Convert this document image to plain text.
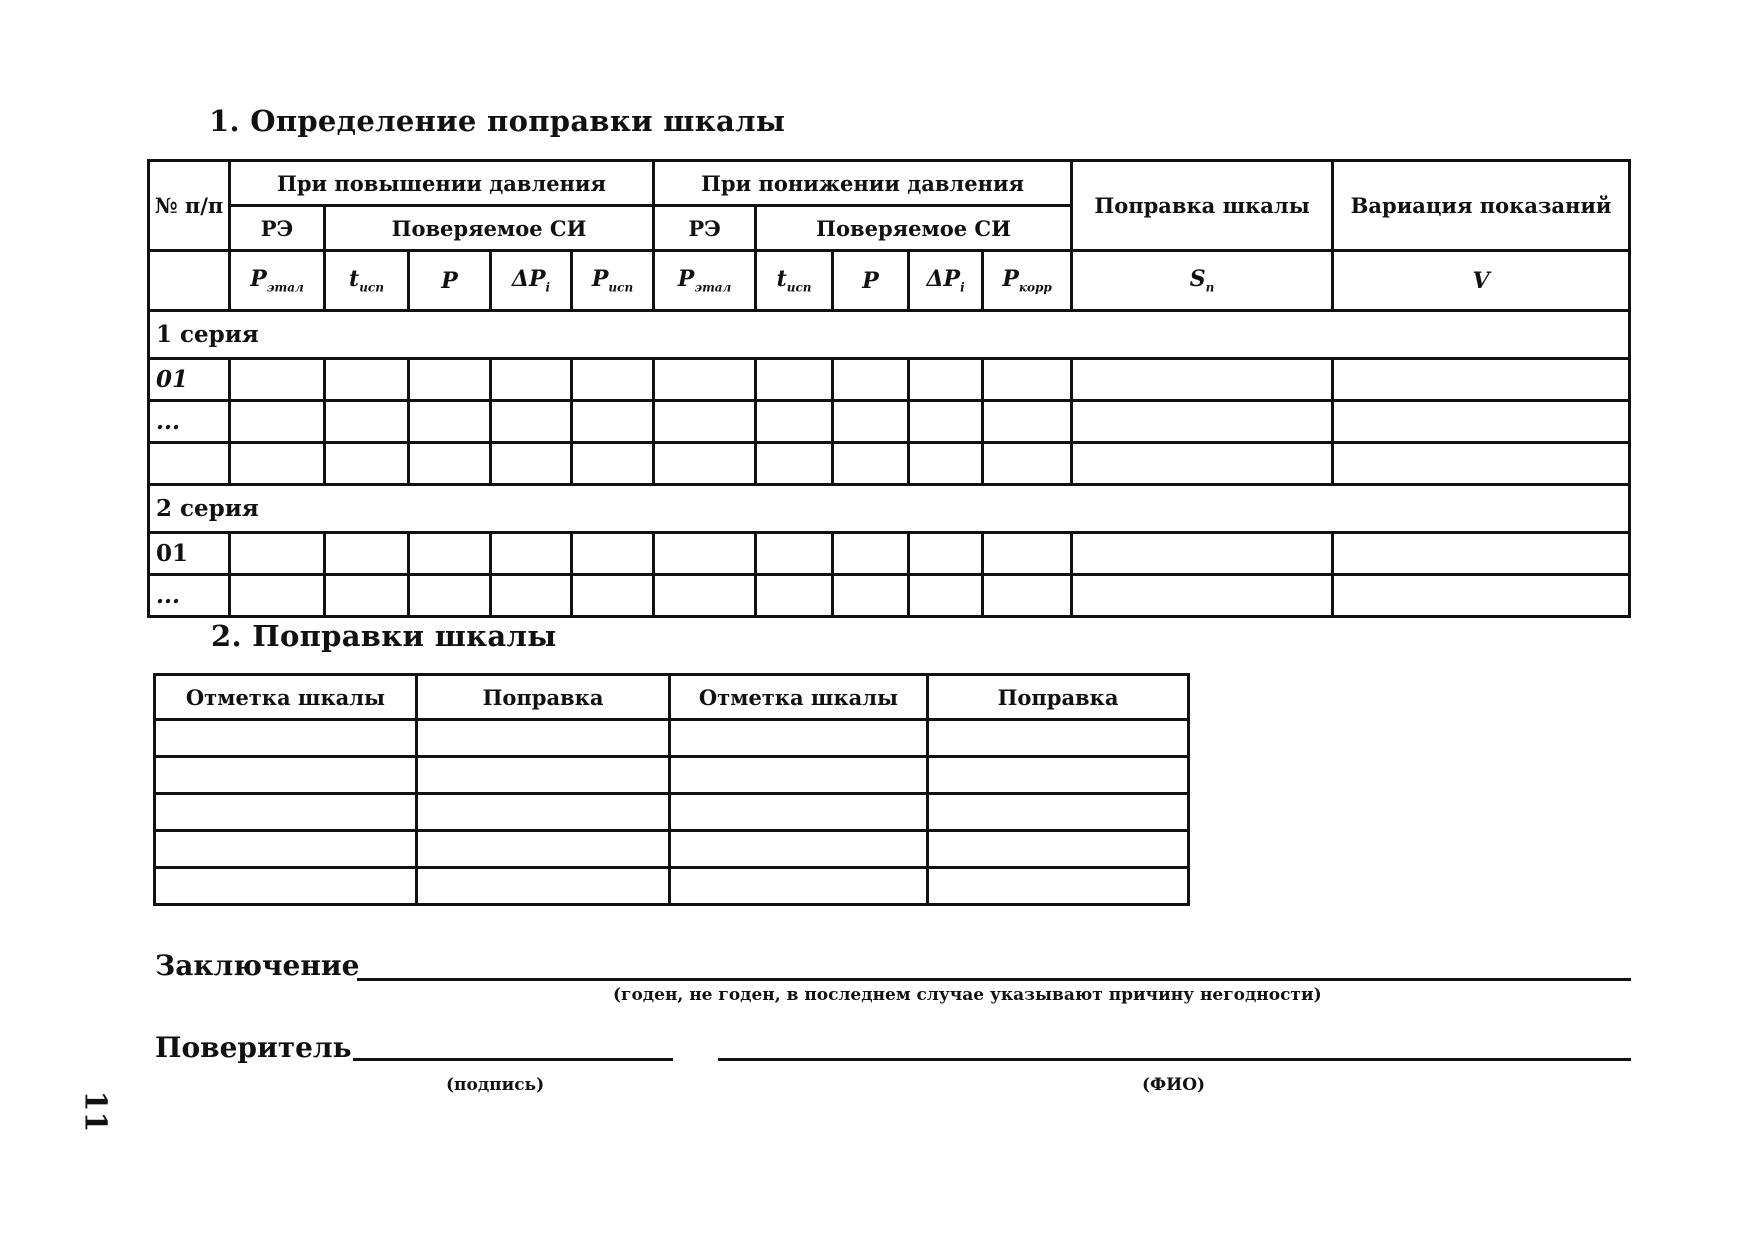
1. Определение поправки шкалы
№ п/п	При повышении давления					При понижении давления					Поправка шкалы	Вариация показаний
	РЭ	Поверяемое СИ				РЭ	Поверяемое СИ					
	$P_{этал}$	$t_{исп}$	P	$\Delta P_i$	$P_{исп}$	$P_{этал}$	$t_{исп}$	P	$\Delta P_i$	$P_{корр}$	$S_n$	V
1 серия												
01												
...												

2 серия												
01												
...												
2. Поправки шкалы
Отметка шкалы	Поправка	Отметка шкалы	Поправка

Заключение
(годен, не годен, в последнем случае указывают причину негодности)
Поверитель
(подпись)	(ФИО)
11
